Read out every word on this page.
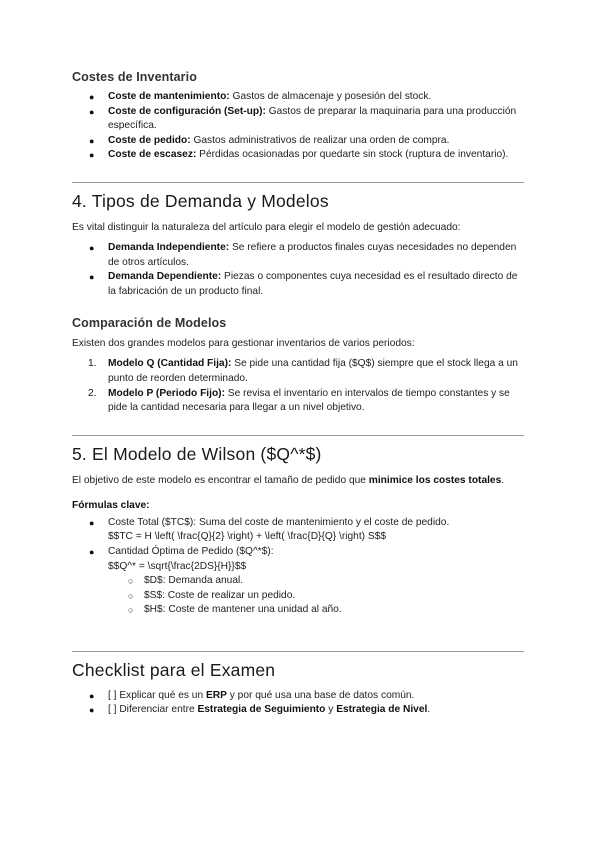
Costes de Inventario
● Coste de mantenimiento: Gastos de almacenaje y posesión del stock.
● Coste de configuración (Set-up): Gastos de preparar la maquinaria para una producción específica.
● Coste de pedido: Gastos administrativos de realizar una orden de compra.
● Coste de escasez: Pérdidas ocasionadas por quedarte sin stock (ruptura de inventario).
4. Tipos de Demanda y Modelos

Es vital distinguir la naturaleza del artículo para elegir el modelo de gestión adecuado:

● Demanda Independiente: Se refiere a productos finales cuyas necesidades no dependen de otros artículos.
● Demanda Dependiente: Piezas o componentes cuya necesidad es el resultado directo de la fabricación de un producto final.
Comparación de Modelos

Existen dos grandes modelos para gestionar inventarios de varios periodos:

1. Modelo Q (Cantidad Fija): Se pide una cantidad fija ($Q$) siempre que el stock llega a un punto de reorden determinado.
2. Modelo P (Periodo Fijo): Se revisa el inventario en intervalos de tiempo constantes y se pide la cantidad necesaria para llegar a un nivel objetivo.
5. El Modelo de Wilson ($Q^*$)

El objetivo de este modelo es encontrar el tamaño de pedido que minimice los costes totales.

Fórmulas clave:

● Coste Total ($TC$): Suma del coste de mantenimiento y el coste de pedido.
$$TC = H \left( \frac{Q}{2} \right) + \left( \frac{D}{Q} \right) S$$
● Cantidad Óptima de Pedido ($Q^*$):
$$Q^* = \sqrt{\frac{2DS}{H}}$$
○ $D$: Demanda anual.
○ $S$: Coste de realizar un pedido.
○ $H$: Coste de mantener una unidad al año.
Checklist para el Examen
● [ ] Explicar qué es un ERP y por qué usa una base de datos común.
● [ ] Diferenciar entre Estrategia de Seguimiento y Estrategia de Nivel.
